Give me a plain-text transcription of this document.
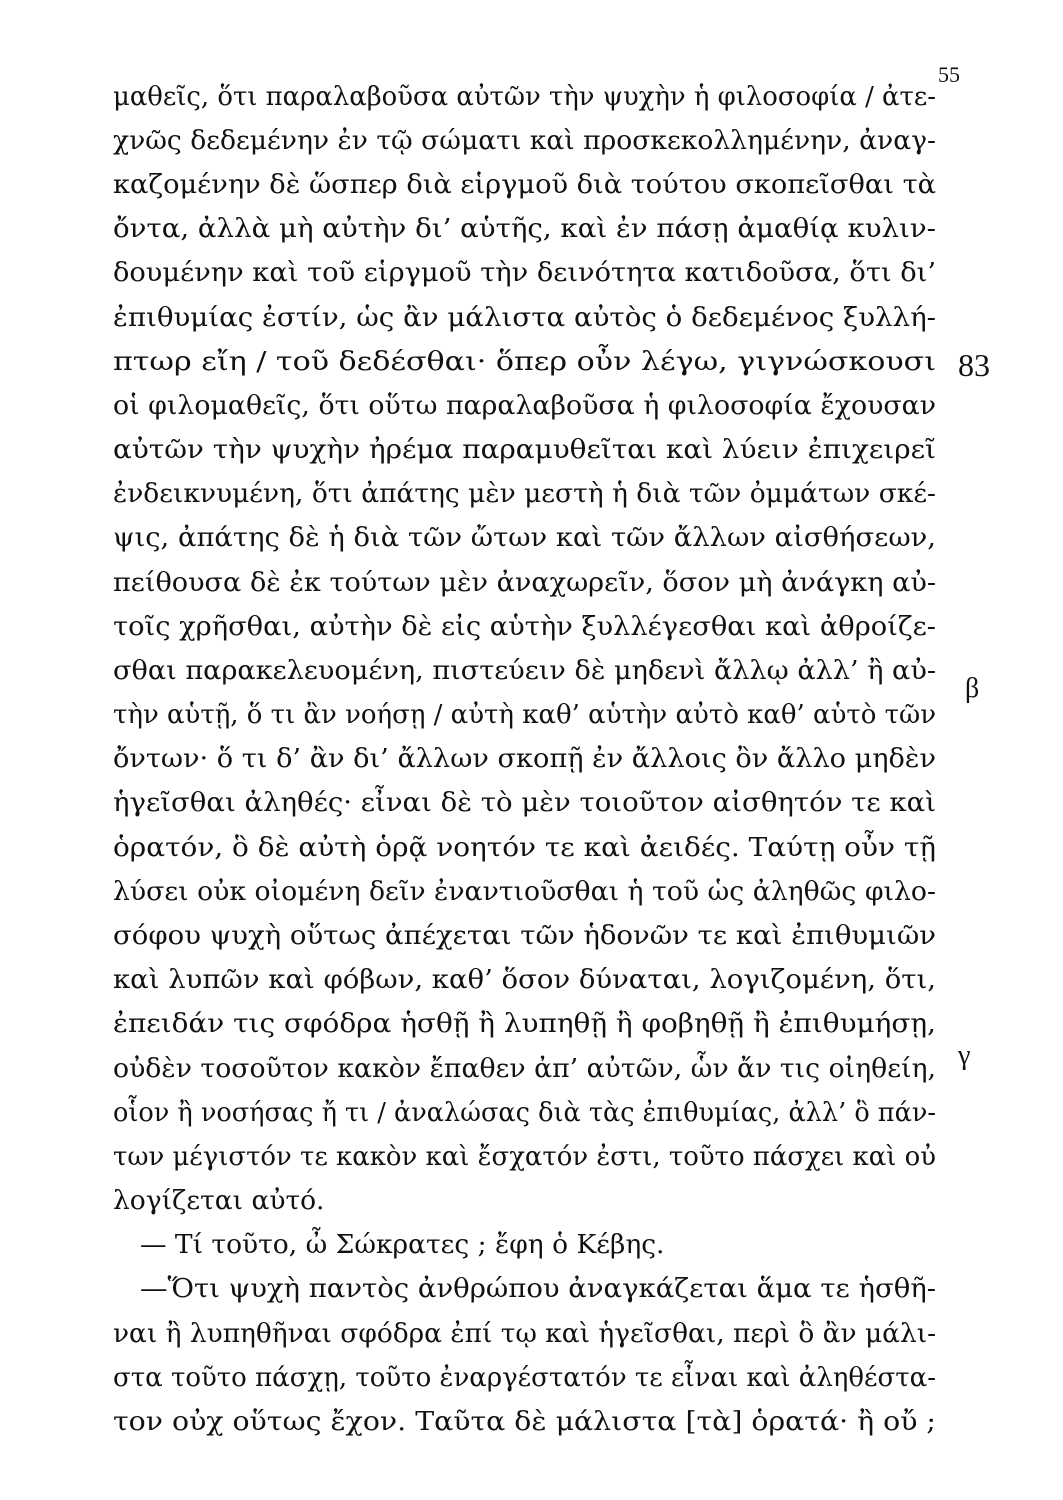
55
μαθεῖς, ὅτι παραλαβοῦσα αὐτῶν τὴν ψυχὴν ἡ φιλοσοφία / ἀτε-
χνῶς δεδεμένην ἐν τῷ σώματι καὶ προσκεκολλημένην, ἀναγ-
καζομένην δὲ ὥσπερ διὰ εἱργμοῦ διὰ τούτου σκοπεῖσθαι τὰ
ὄντα, ἀλλὰ μὴ αὐτὴν δι’ αὑτῆς, καὶ ἐν πάσῃ ἀμαθίᾳ κυλιν-
δουμένην καὶ τοῦ εἱργμοῦ τὴν δεινότητα κατιδοῦσα, ὅτι δι’
ἐπιθυμίας ἐστίν, ὡς ἂν μάλιστα αὐτὸς ὁ δεδεμένος ξυλλή-
πτωρ εἴη / τοῦ δεδέσθαι· ὅπερ οὖν λέγω, γιγνώσκουσι
οἱ φιλομαθεῖς, ὅτι οὕτω παραλαβοῦσα ἡ φιλοσοφία ἔχουσαν
αὐτῶν τὴν ψυχὴν ἠρέμα παραμυθεῖται καὶ λύειν ἐπιχειρεῖ
ἐνδεικνυμένη, ὅτι ἀπάτης μὲν μεστὴ ἡ διὰ τῶν ὀμμάτων σκέ-
ψις, ἀπάτης δὲ ἡ διὰ τῶν ὤτων καὶ τῶν ἄλλων αἰσθήσεων,
πείθουσα δὲ ἐκ τούτων μὲν ἀναχωρεῖν, ὅσον μὴ ἀνάγκη αὐ-
τοῖς χρῆσθαι, αὐτὴν δὲ εἰς αὑτὴν ξυλλέγεσθαι καὶ ἀθροίζε-
σθαι παρακελευομένη, πιστεύειν δὲ μηδενὶ ἄλλῳ ἀλλ’ ἢ αὐ-
τὴν αὑτῇ, ὅ τι ἂν νοήσῃ / αὐτὴ καθ’ αὑτὴν αὐτὸ καθ’ αὑτὸ τῶν
ὄντων· ὅ τι δ’ ἂν δι’ ἄλλων σκοπῇ ἐν ἄλλοις ὂν ἄλλο μηδὲν
ἡγεῖσθαι ἀληθές· εἶναι δὲ τὸ μὲν τοιοῦτον αἰσθητόν τε καὶ
ὁρατόν, ὃ δὲ αὐτὴ ὁρᾷ νοητόν τε καὶ ἀειδές. Ταύτῃ οὖν τῇ
λύσει οὐκ οἰομένη δεῖν ἐναντιοῦσθαι ἡ τοῦ ὡς ἀληθῶς φιλο-
σόφου ψυχὴ οὕτως ἀπέχεται τῶν ἡδονῶν τε καὶ ἐπιθυμιῶν
καὶ λυπῶν καὶ φόβων, καθ’ ὅσον δύναται, λογιζομένη, ὅτι,
ἐπειδάν τις σφόδρα ἡσθῇ ἢ λυπηθῇ ἢ φοβηθῇ ἢ ἐπιθυμήσῃ,
οὐδὲν τοσοῦτον κακὸν ἔπαθεν ἀπ’ αὐτῶν, ὧν ἄν τις οἰηθείη,
οἷον ἢ νοσήσας ἤ τι / ἀναλώσας διὰ τὰς ἐπιθυμίας, ἀλλ’ ὃ πάν-
των μέγιστόν τε κακὸν καὶ ἔσχατόν ἐστι, τοῦτο πάσχει καὶ οὐ
λογίζεται αὐτό.
— Τί τοῦτο, ὦ Σώκρατες ; ἔφη ὁ Κέβης.
—Ὅτι ψυχὴ παντὸς ἀνθρώπου ἀναγκάζεται ἅμα τε ἡσθῆ-
ναι ἢ λυπηθῆναι σφόδρα ἐπί τῳ καὶ ἡγεῖσθαι, περὶ ὃ ἂν μάλι-
στα τοῦτο πάσχῃ, τοῦτο ἐναργέστατόν τε εἶναι καὶ ἀληθέστα-
τον οὐχ οὕτως ἔχον. Ταῦτα δὲ μάλιστα [τὰ] ὁρατά· ἢ οὔ ;
83
β
γ
